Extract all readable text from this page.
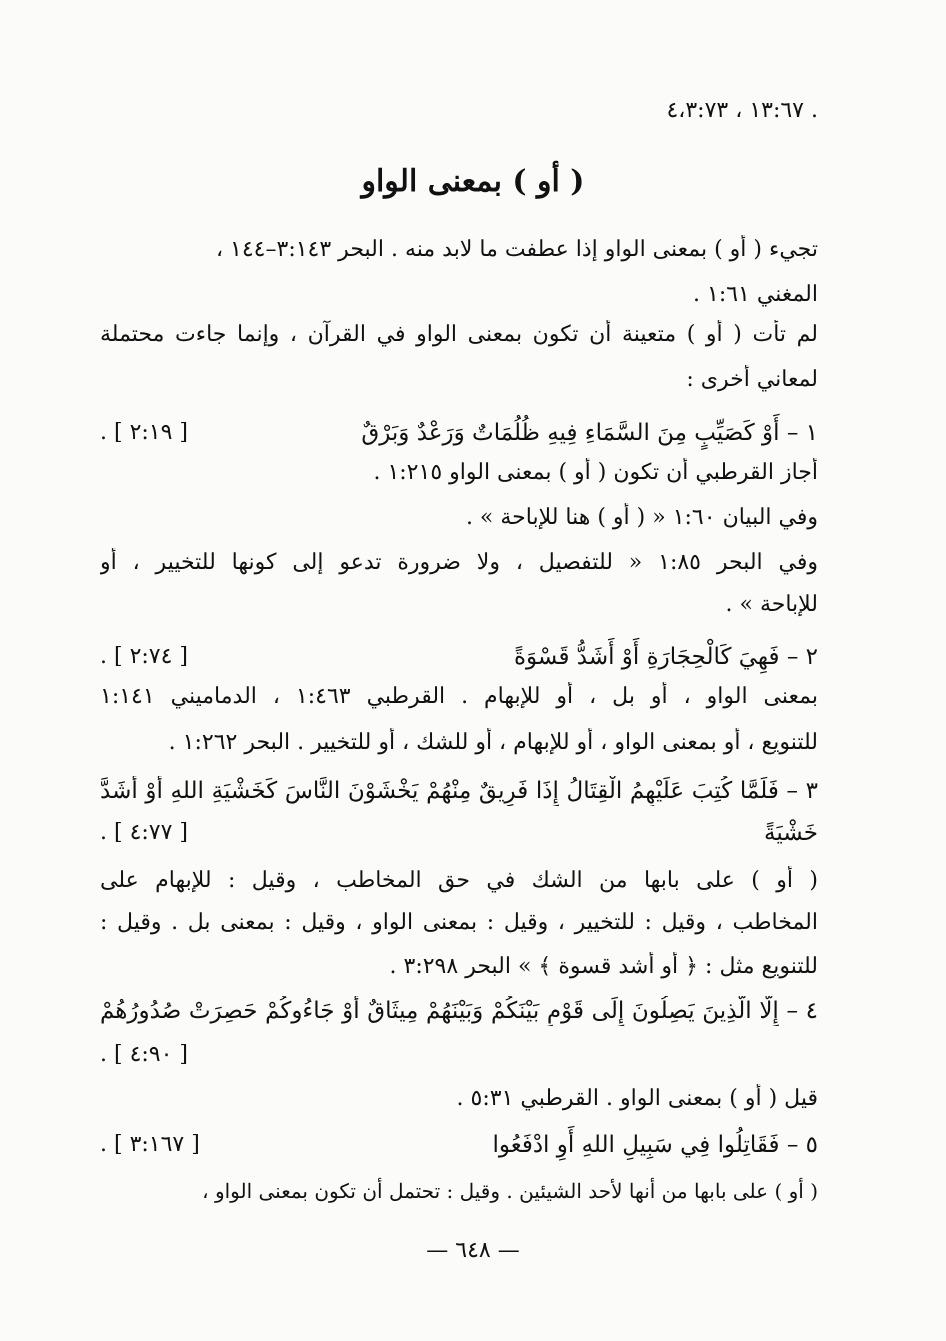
. ١٣:٦٧ ، ٤،٣:٧٣
( أو ) بمعنى الواو
تجيء ( أو ) بمعنى الواو إذا عطفت ما لابد منه . البحر ٣:١٤٣–١٤٤ ،
المغني ١:٦١ .
لم تأت ( أو ) متعينة أن تكون بمعنى الواو في القرآن ، وإنما جاءت محتملة
لمعاني أخرى :
١ – أَوْ كَصَيِّبٍ مِنَ السَّمَاءِ فِيهِ ظُلُمَاتٌ وَرَعْدٌ وَبَرْقٌ
[ ٢:١٩ ] .
أجاز القرطبي أن تكون ( أو ) بمعنى الواو ١:٢١٥ .
وفي البيان ١:٦٠ « ( أو ) هنا للإباحة » .
وفي البحر ١:٨٥ « للتفصيل ، ولا ضرورة تدعو إلى كونها للتخيير ، أو
للإباحة » .
٢ – فَهِيَ كَالْحِجَارَةِ أَوْ أَشَدُّ قَسْوَةً
[ ٢:٧٤ ] .
بمعنى الواو ، أو بل ، أو للإبهام . القرطبي ١:٤٦٣ ، الدماميني ١:١٤١
للتنويع ، أو بمعنى الواو ، أو للإبهام ، أو للشك ، أو للتخيير . البحر ١:٢٦٢ .
٣ – فَلَمَّا كُتِبَ عَلَيْهِمُ الْقِتَالُ إِذَا فَرِيقٌ مِنْهُمْ يَخْشَوْنَ النَّاسَ كَخَشْيَةِ اللهِ أَوْ أَشَدَّ
خَشْيَةً
[ ٤:٧٧ ] .
( أو ) على بابها من الشك في حق المخاطب ، وقيل : للإبهام على
المخاطب ، وقيل : للتخيير ، وقيل : بمعنى الواو ، وقيل : بمعنى بل . وقيل :
للتنويع مثل : ﴿ أو أشد قسوة ﴾ » البحر ٣:٢٩٨ .
٤ – إِلَّا الَّذِينَ يَصِلُونَ إِلَى قَوْمٍ بَيْنَكُمْ وَبَيْنَهُمْ مِيثَاقٌ أَوْ جَاءُوكُمْ حَصِرَتْ صُدُورُهُمْ
[ ٤:٩٠ ] .
قيل ( أو ) بمعنى الواو . القرطبي ٥:٣١ .
٥ – فَقَاتِلُوا فِي سَبِيلِ اللهِ أَوِ ادْفَعُوا
[ ٣:١٦٧ ] .
( أو ) على بابها من أنها لأحد الشيئين . وقيل : تحتمل أن تكون بمعنى الواو ،
— ٦٤٨ —
